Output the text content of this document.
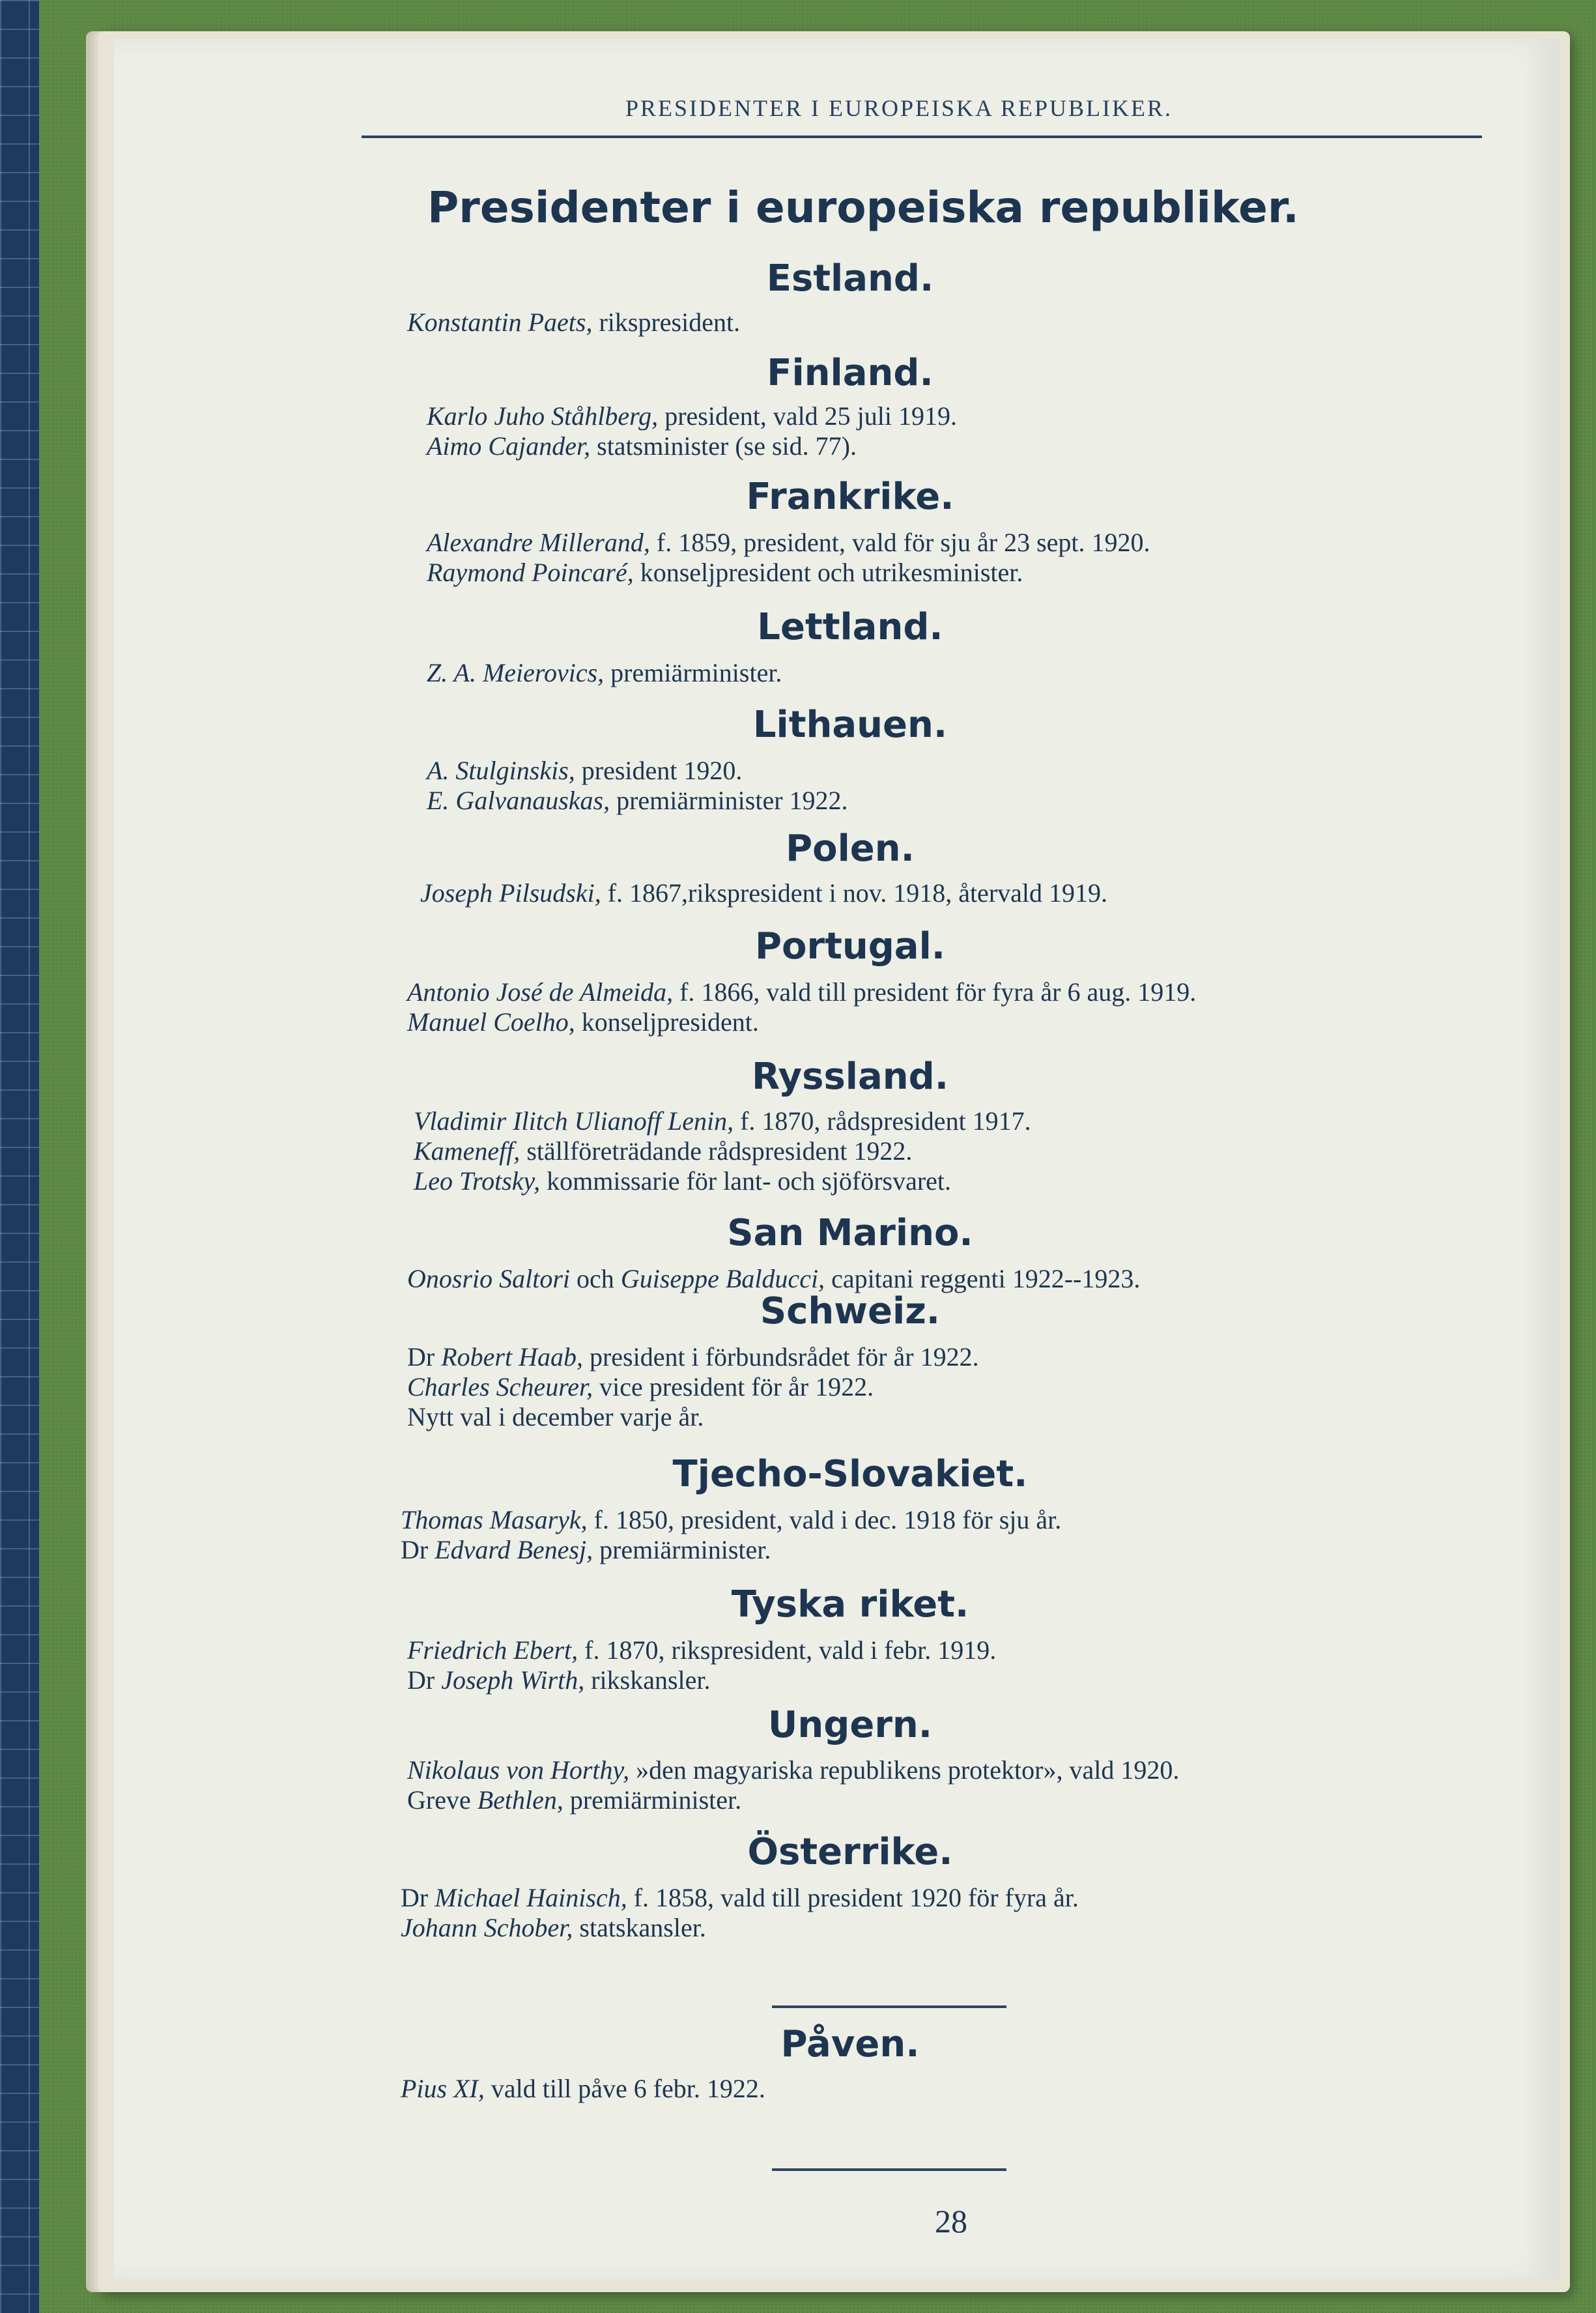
PRESIDENTER I EUROPEISKA REPUBLIKER.
Presidenter i europeiska republiker.
Estland.
Konstantin Paets, rikspresident.
Finland.
Karlo Juho Ståhlberg, president, vald 25 juli 1919.
Aimo Cajander, statsminister (se sid. 77).
Frankrike.
Alexandre Millerand, f. 1859, president, vald för sju år 23 sept. 1920.
Raymond Poincaré, konseljpresident och utrikesminister.
Lettland.
Z. A. Meierovics, premiärminister.
Lithauen.
A. Stulginskis, president 1920.
E. Galvanauskas, premiärminister 1922.
Polen.
Joseph Pilsudski, f. 1867,rikspresident i nov. 1918, återvald 1919.
Portugal.
Antonio José de Almeida, f. 1866, vald till president för fyra år 6 aug. 1919.
Manuel Coelho, konseljpresident.
Ryssland.
Vladimir Ilitch Ulianoff Lenin, f. 1870, rådspresident 1917.
Kameneff, ställföreträdande rådspresident 1922.
Leo Trotsky, kommissarie för lant- och sjöförsvaret.
San Marino.
Onosrio Saltori och Guiseppe Balducci, capitani reggenti 1922--1923.
Schweiz.
Dr Robert Haab, president i förbundsrådet för år 1922.
Charles Scheurer, vice president för år 1922.
Nytt val i december varje år.
Tjecho-Slovakiet.
Thomas Masaryk, f. 1850, president, vald i dec. 1918 för sju år.
Dr Edvard Benesj, premiärminister.
Tyska riket.
Friedrich Ebert, f. 1870, rikspresident, vald i febr. 1919.
Dr Joseph Wirth, rikskansler.
Ungern.
Nikolaus von Horthy, »den magyariska republikens protektor», vald 1920.
Greve Bethlen, premiärminister.
Österrike.
Dr Michael Hainisch, f. 1858, vald till president 1920 för fyra år.
Johann Schober, statskansler.
Påven.
Pius XI, vald till påve 6 febr. 1922.
28
